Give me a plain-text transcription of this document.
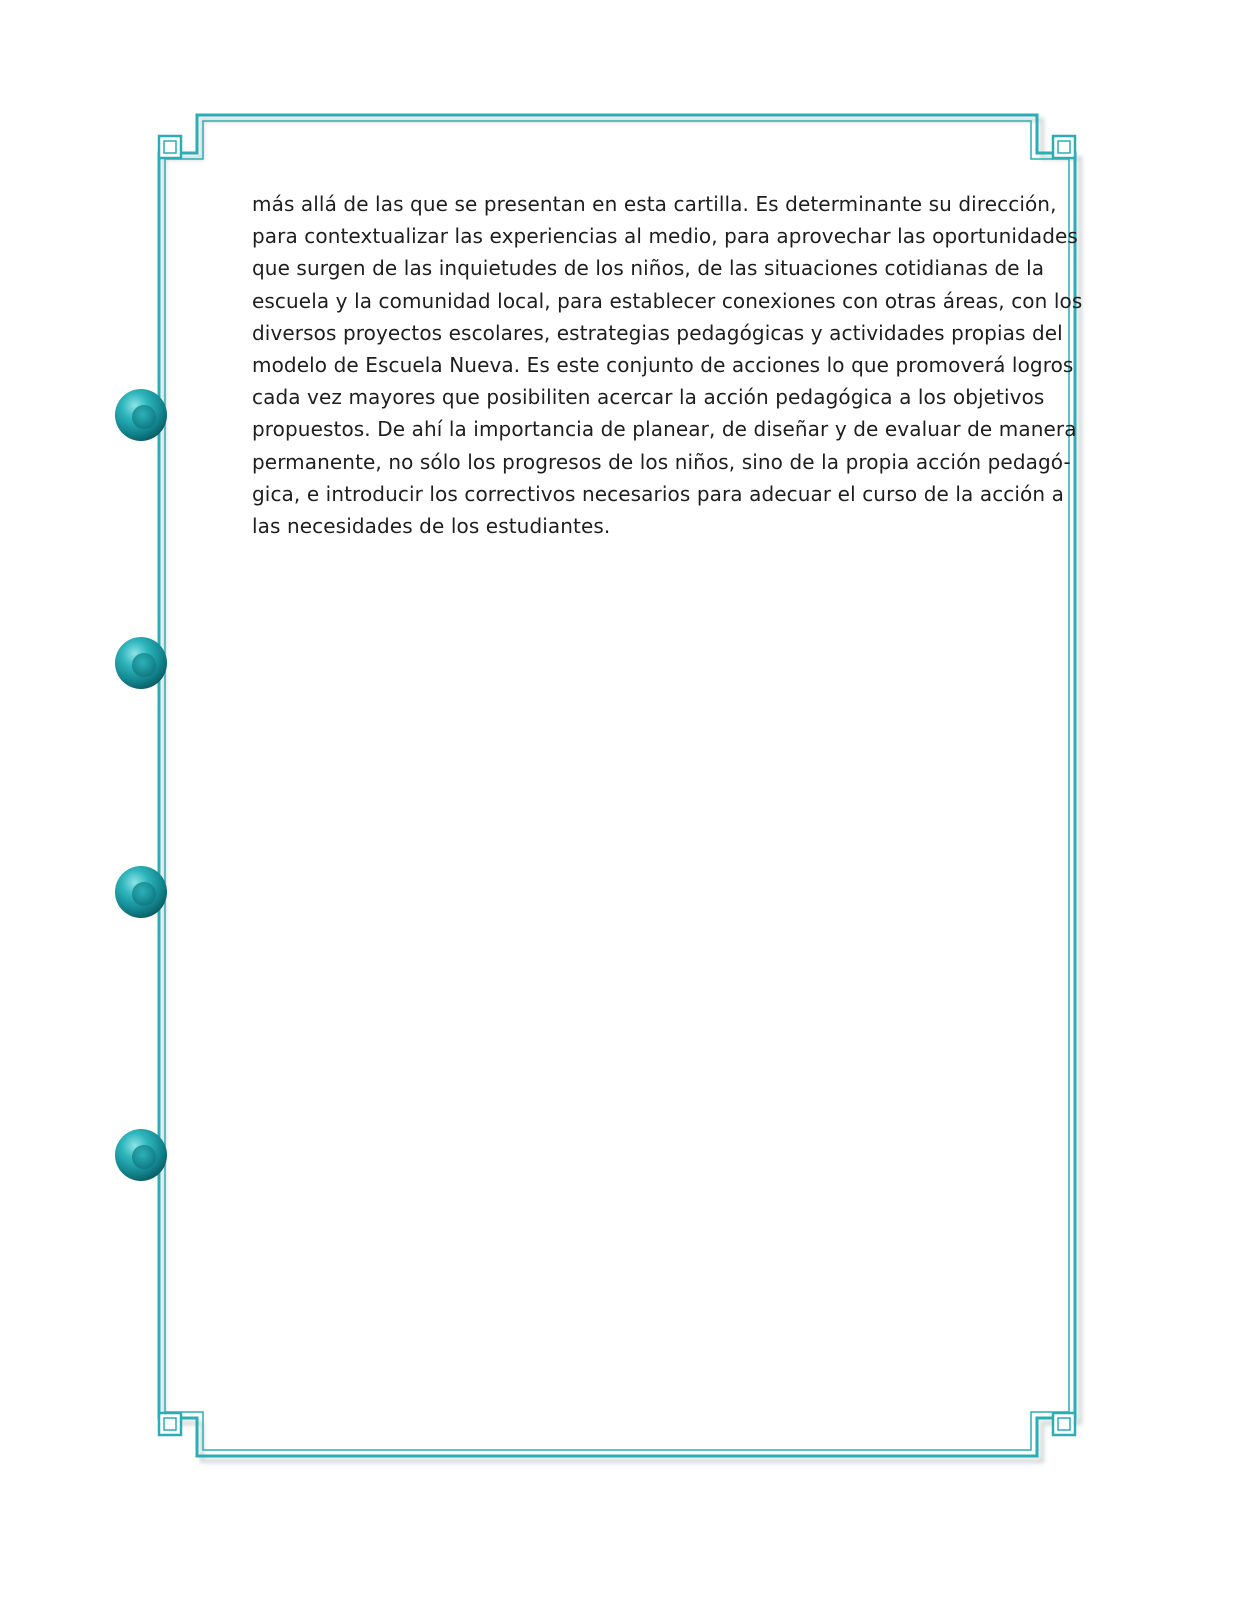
más allá de las que se presentan en esta cartilla. Es determinante su dirección,
para contextualizar las experiencias al medio, para aprovechar las oportunidades
que surgen de las inquietudes de los niños, de las situaciones cotidianas de la
escuela y la comunidad local, para establecer conexiones con otras áreas, con los
diversos proyectos escolares, estrategias pedagógicas y actividades propias del
modelo de Escuela Nueva. Es este conjunto de acciones lo que promoverá logros
cada vez mayores que posibiliten acercar la acción pedagógica a los objetivos
propuestos. De ahí la importancia de planear, de diseñar y de evaluar de manera
permanente, no sólo los progresos de los niños, sino de la propia acción pedagó-
gica, e introducir los correctivos necesarios para adecuar el curso de la acción a
las necesidades de los estudiantes.
